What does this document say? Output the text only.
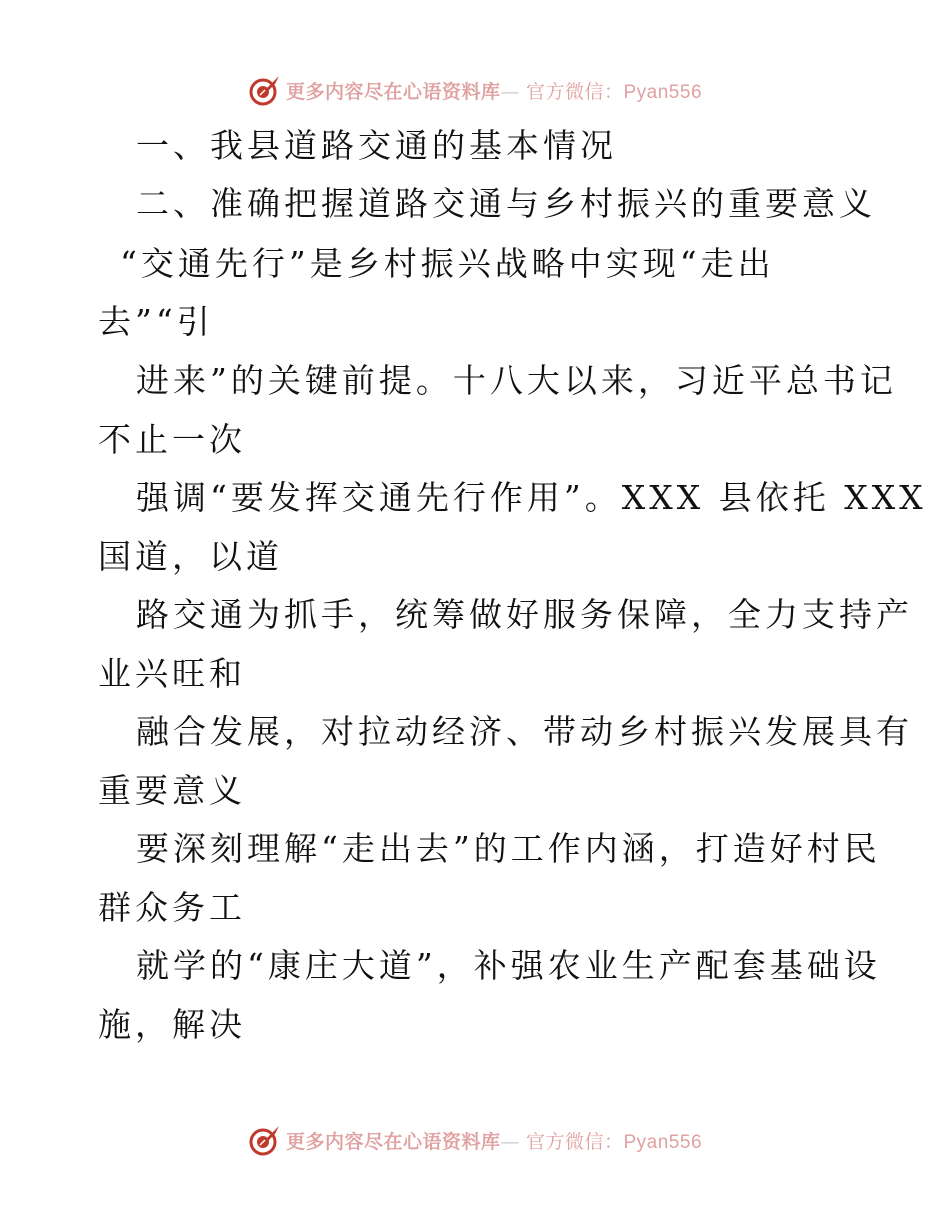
更多内容尽在心语资料库— 官方微信：Pyan556
一、我县道路交通的基本情况
二、准确把握道路交通与乡村振兴的重要意义
“交通先行”是乡村振兴战略中实现“走出
去”“引
进来”的关键前提。十八大以来，习近平总书记
不止一次
强调“要发挥交通先行作用”。XXX 县依托 XXX
国道，以道
路交通为抓手，统筹做好服务保障，全力支持产
业兴旺和
融合发展，对拉动经济、带动乡村振兴发展具有
重要意义
要深刻理解“走出去”的工作内涵，打造好村民
群众务工
就学的“康庄大道”，补强农业生产配套基础设
施，解决
更多内容尽在心语资料库— 官方微信：Pyan556
